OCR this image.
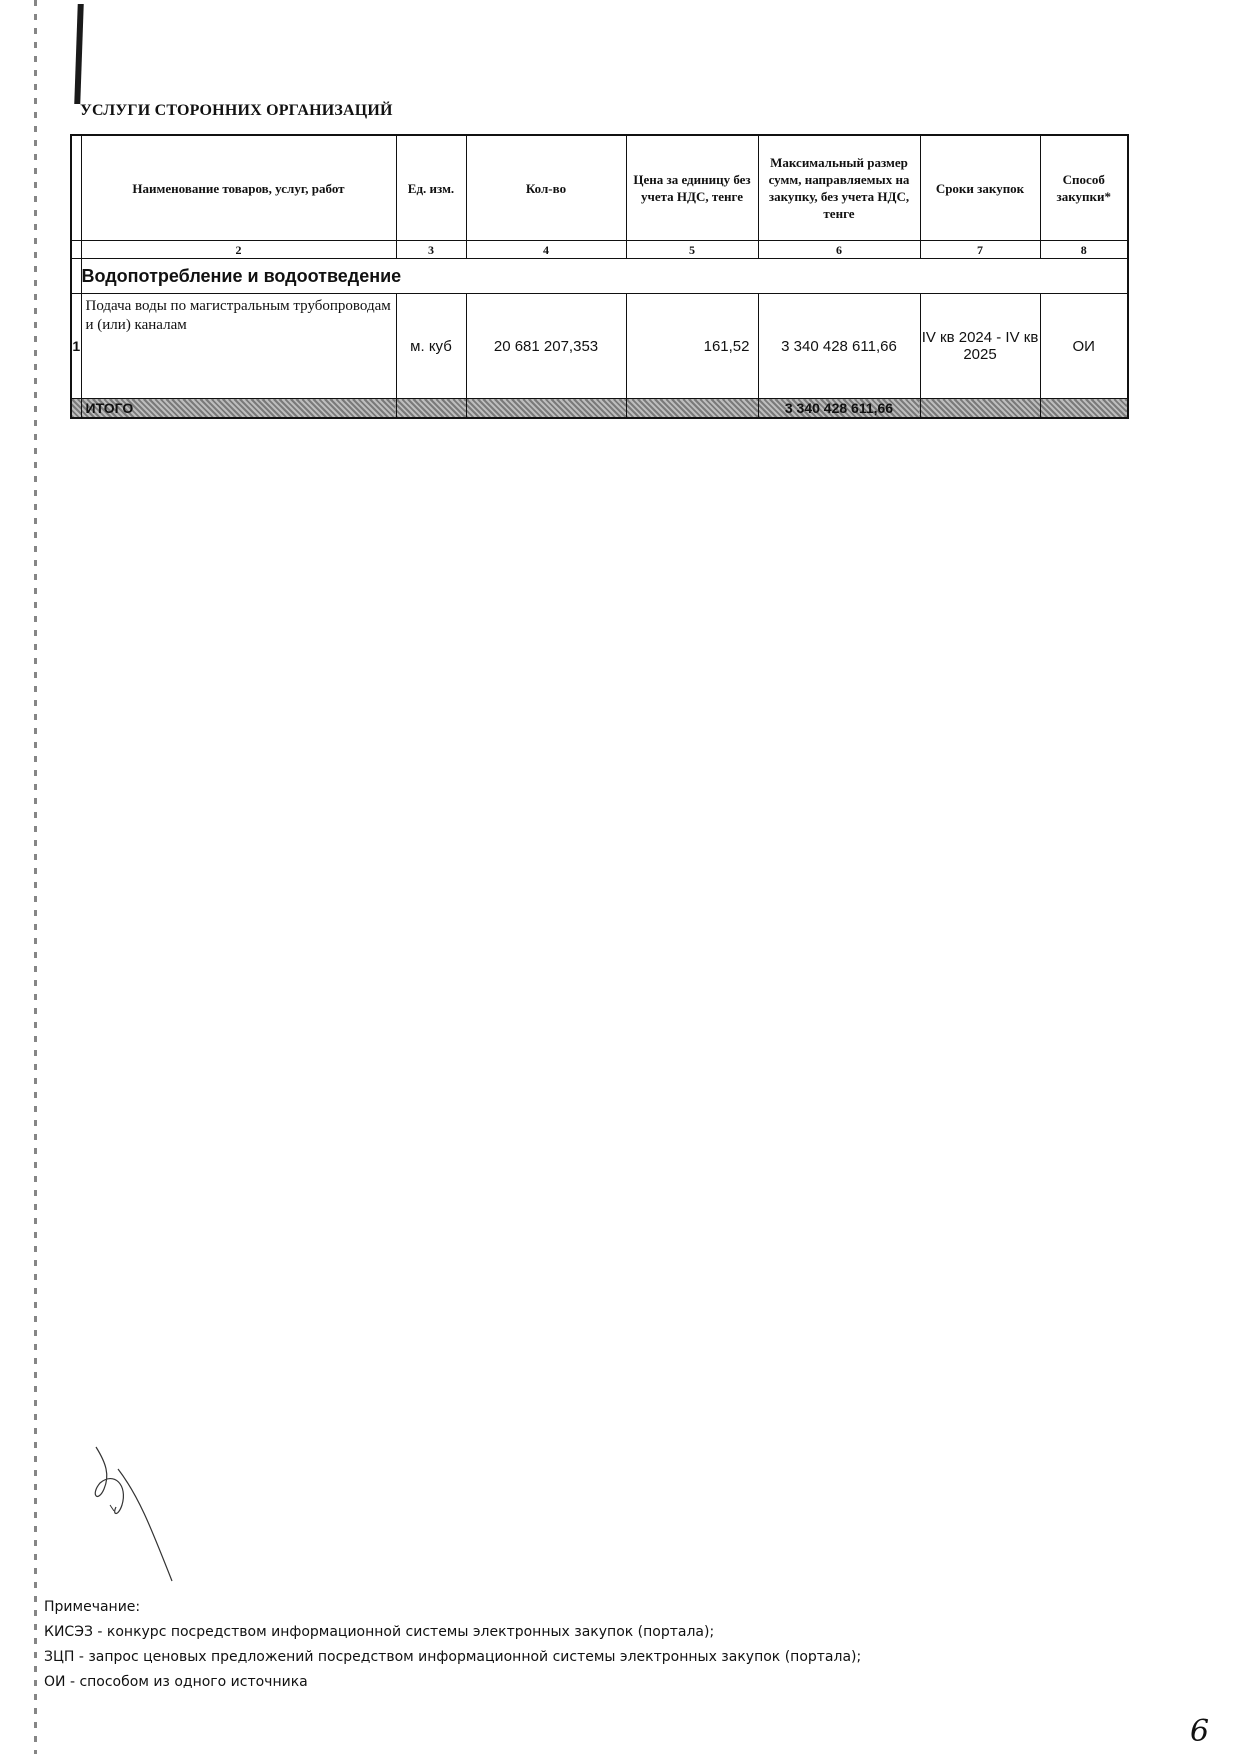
УСЛУГИ СТОРОННИХ ОРГАНИЗАЦИЙ
	Наименование товаров, услуг, работ	Ед. изм.	Кол-во	Цена за единицу без учета НДС, тенге	Максимальный размер сумм, направляемых на закупку, без учета НДС, тенге	Сроки закупок	Способ закупки*
	2	3	4	5	6	7	8
	Водопотребление и водоотведение						
1	Подача воды по магистральным трубопроводам и (или) каналам	м. куб	20 681 207,353	161,52	3 340 428 611,66	IV кв 2024 - IV кв 2025	ОИ
	ИТОГО				3 340 428 611,66		
Примечание:
КИСЭЗ - конкурс посредством информационной системы электронных закупок (портала);
ЗЦП - запрос ценовых предложений посредством информационной системы электронных закупок (портала);
ОИ - способом из одного источника
6
